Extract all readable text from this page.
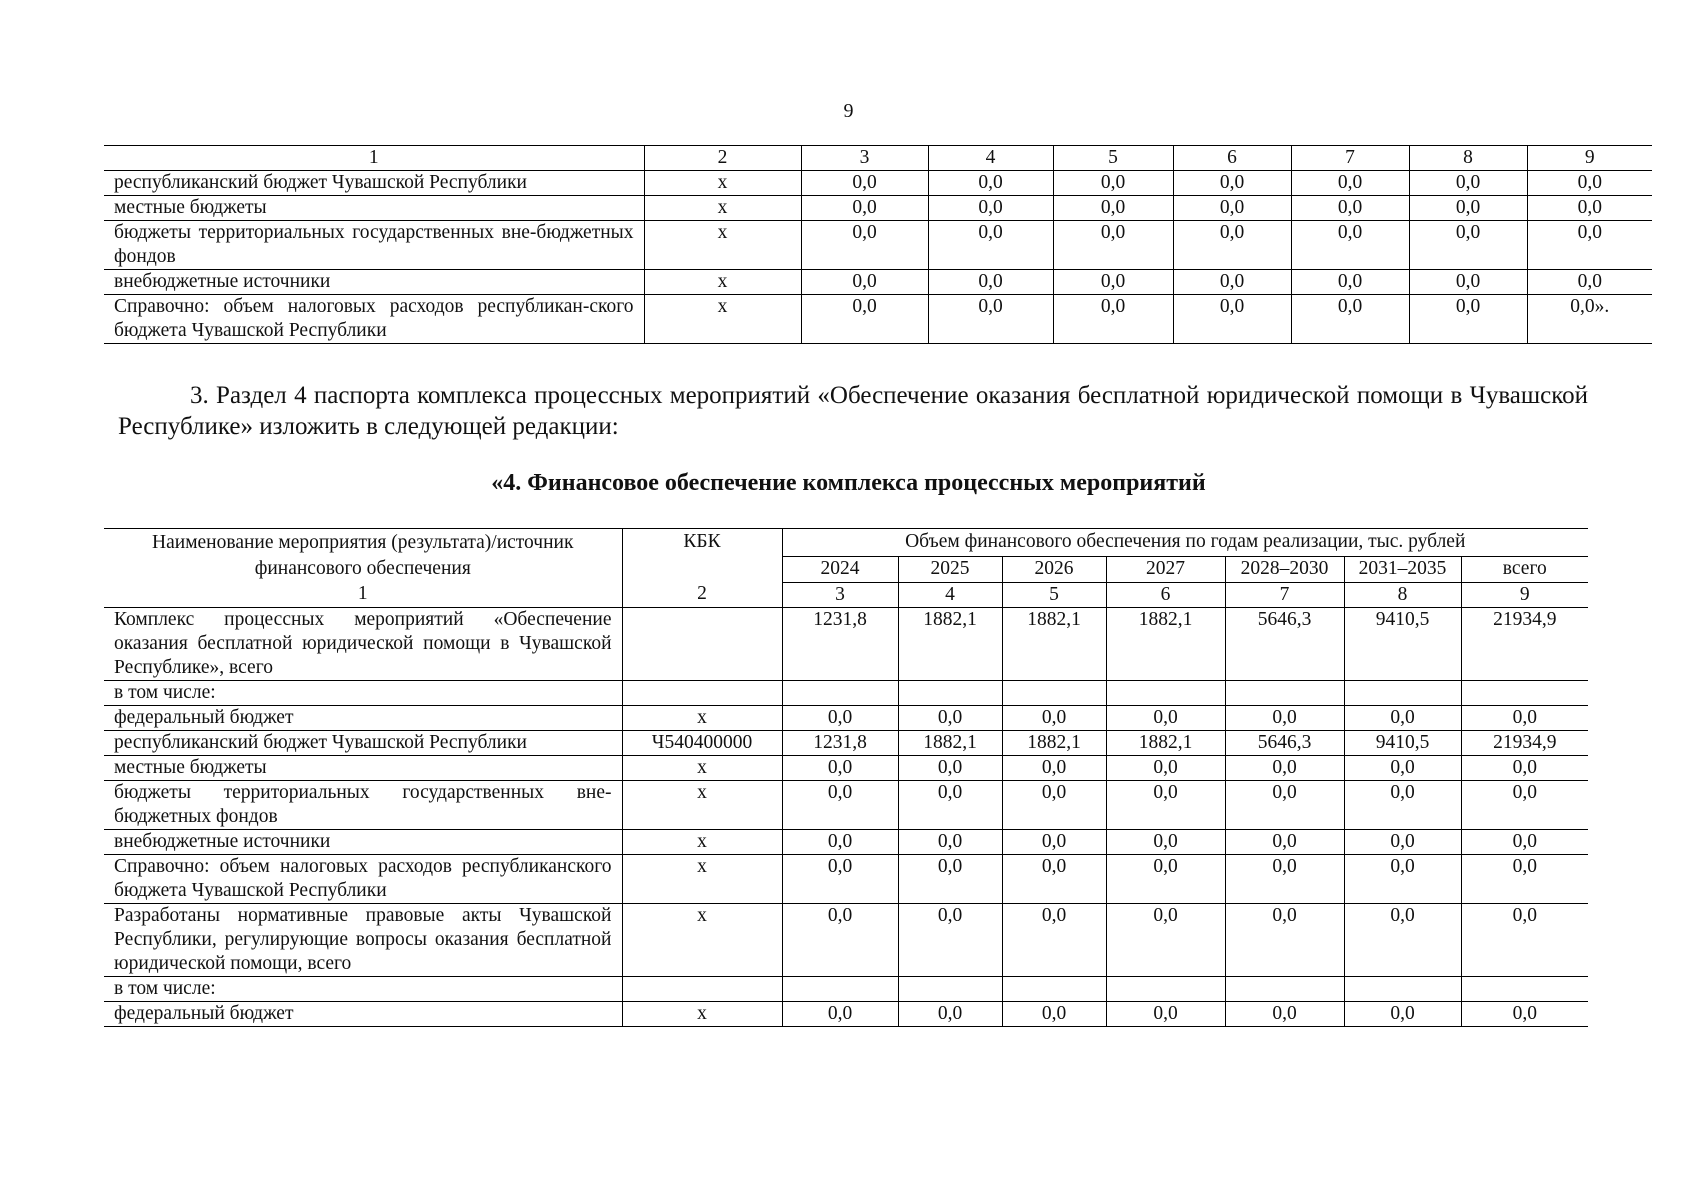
9
1	2	3	4	5	6	7	8	9
республиканский бюджет Чувашской Республики	х	0,0	0,0	0,0	0,0	0,0	0,0	0,0
местные бюджеты	х	0,0	0,0	0,0	0,0	0,0	0,0	0,0
бюджеты территориальных государственных вне-бюджетных фондов	х	0,0	0,0	0,0	0,0	0,0	0,0	0,0
внебюджетные источники	х	0,0	0,0	0,0	0,0	0,0	0,0	0,0
Справочно: объем налоговых расходов республикан-ского бюджета Чувашской Республики	х	0,0	0,0	0,0	0,0	0,0	0,0	0,0».
3. Раздел 4 паспорта комплекса процессных мероприятий «Обеспечение оказания бесплатной юридической помощи в Чувашской Республике» изложить в следующей редакции:
«4. Финансовое обеспечение комплекса процессных мероприятий
Наименование мероприятия (результата)/источник финансового обеспечения	КБК	Объем финансового обеспечения по годам реализации, тыс. рублей						
		2024	2025	2026	2027	2028–2030	2031–2035	всего
1	2	3	4	5	6	7	8	9
Комплекс процессных мероприятий «Обеспечение оказания бесплатной юридической помощи в Чувашской Республике», всего		1231,8	1882,1	1882,1	1882,1	5646,3	9410,5	21934,9
в том числе:								
федеральный бюджет	х	0,0	0,0	0,0	0,0	0,0	0,0	0,0
республиканский бюджет Чувашской Республики	Ч540400000	1231,8	1882,1	1882,1	1882,1	5646,3	9410,5	21934,9
местные бюджеты	х	0,0	0,0	0,0	0,0	0,0	0,0	0,0
бюджеты территориальных государственных вне-бюджетных фондов	х	0,0	0,0	0,0	0,0	0,0	0,0	0,0
внебюджетные источники	х	0,0	0,0	0,0	0,0	0,0	0,0	0,0
Справочно: объем налоговых расходов республиканского бюджета Чувашской Республики	х	0,0	0,0	0,0	0,0	0,0	0,0	0,0
Разработаны нормативные правовые акты Чувашской Республики, регулирующие вопросы оказания бесплатной юридической помощи, всего	х	0,0	0,0	0,0	0,0	0,0	0,0	0,0
в том числе:								
федеральный бюджет	х	0,0	0,0	0,0	0,0	0,0	0,0	0,0
